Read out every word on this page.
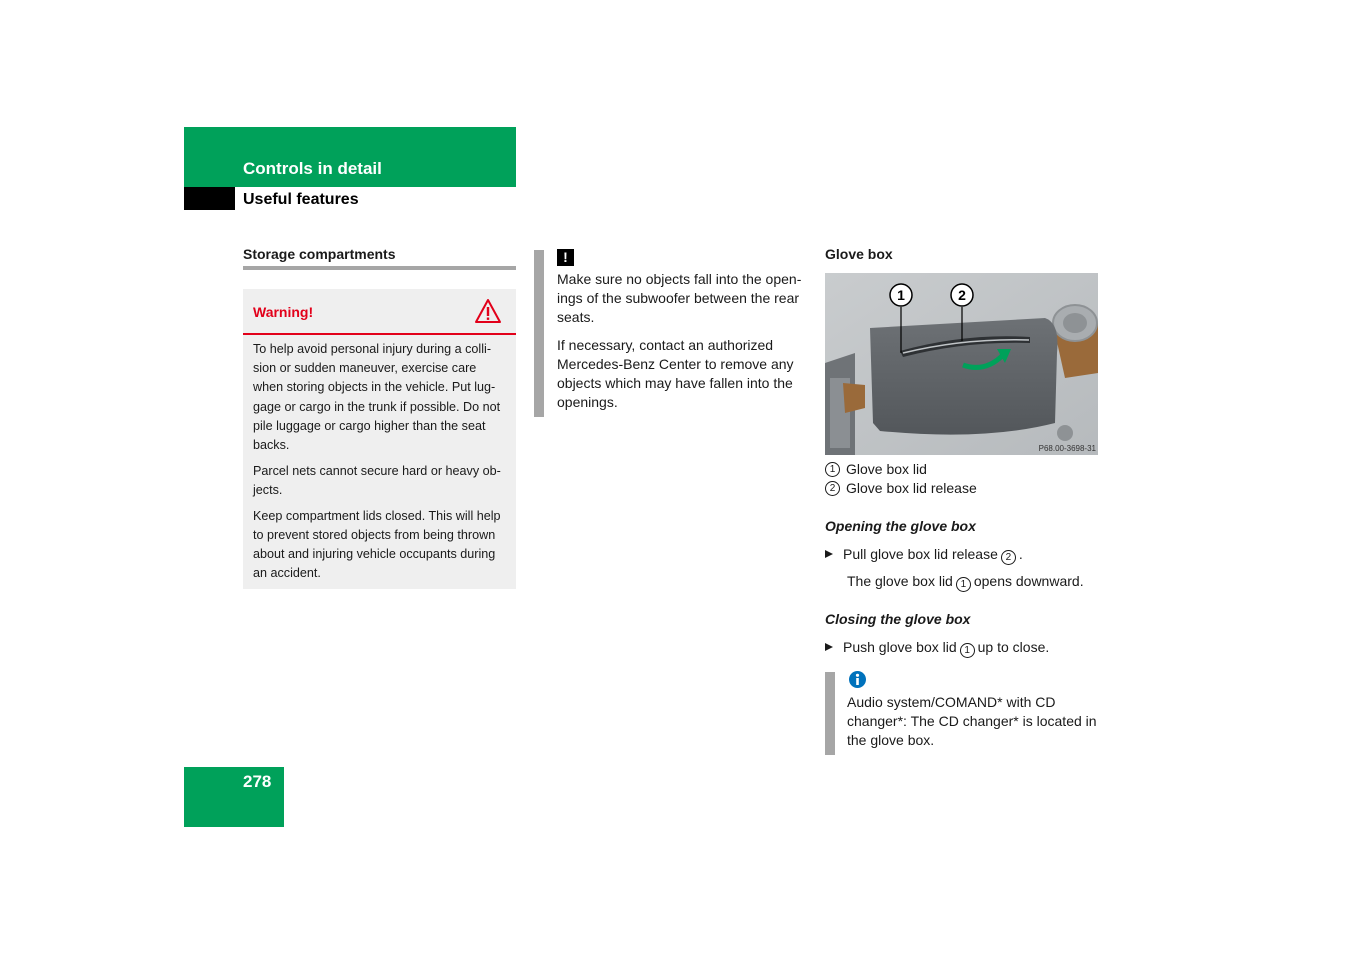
Controls in detail
Useful features
Storage compartments
Warning!

To help avoid personal injury during a colli-sion or sudden maneuver, exercise care when storing objects in the vehicle. Put lug-gage or cargo in the trunk if possible. Do not pile luggage or cargo higher than the seat backs.

Parcel nets cannot secure hard or heavy ob-jects.

Keep compartment lids closed. This will help to prevent stored objects from being thrown about and injuring vehicle occupants during an accident.

!

Make sure no objects fall into the open-ings of the subwoofer between the rear seats.

If necessary, contact an authorized Mercedes-Benz Center to remove any objects which may have fallen into the openings.

Glove box
1	2
P68.00-3698-31
1 Glove box lid
2 Glove box lid release
Opening the glove box
Pull glove box lid release 2 .
The glove box lid 1 opens downward.
Closing the glove box
Push glove box lid 1 up to close.
Audio system/COMAND* with CD changer*: The CD changer* is located in the glove box.
278
